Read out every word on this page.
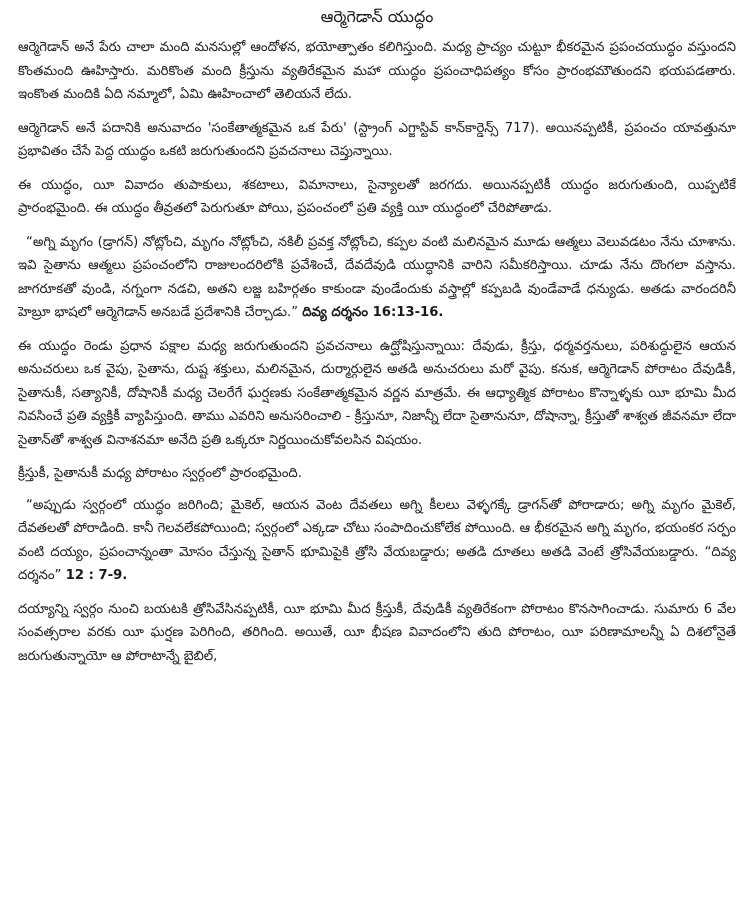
ఆర్మెగెడాన్ యుద్ధం

ఆర్మెగెడాన్ అనే పేరు చాలా మంది మనసుల్లో ఆందోళన, భయోత్పాతం కలిగిస్తుంది. మధ్య ప్రాచ్యం చుట్టూ భీకరమైన ప్రపంచయుద్ధం వస్తుందని కొంతమంది ఊహిస్తారు. మరికొంత మంది క్రీస్తును వ్యతిరేకమైన మహా యుద్ధం ప్రపంచాధిపత్యం కోసం ప్రారంభమౌతుందని భయపడతారు. ఇంకొంత మందికి ఏది నమ్మాలో, ఏమి ఊహించాలో తెలియనే లేదు.

ఆర్మెగెడాన్ అనే పదానికి అనువాదం 'సంకేతాత్మకమైన ఒక పేరు' (స్ట్రాంగ్ ఎగ్జాస్టివ్ కాన్‌కార్డెన్స్ 717). అయినప్పటికీ, ప్రపంచం యావత్తునూ ప్రభావితం చేసే పెద్ద యుద్ధం ఒకటి జరుగుతుందని ప్రవచనాలు చెప్తున్నాయి.

ఈ యుద్ధం, యీ వివాదం తుపాకులు, శకటాలు, విమానాలు, సైన్యాలతో జరగదు. అయినప్పటికీ యుద్ధం జరుగుతుంది, యిప్పటికే ప్రారంభమైంది. ఈ యుద్ధం తీవ్రతలో పెరుగుతూ పోయి, ప్రపంచంలో ప్రతి వ్యక్తి యీ యుద్ధంలో చేరిపోతాడు.

“అగ్ని మృగం (డ్రాగన్) నోట్లోంచి, మృగం నోట్లోంచి, నకిలీ ప్రవక్త నోట్లోంచి, కప్పల వంటి మలినమైన మూడు ఆత్మలు వెలువడటం నేను చూశాను. ఇవి సైతాను ఆత్మలు ప్రపంచంలోని రాజులందరిలోకి ప్రవేశించే, దేవదేవుడి యుద్ధానికి వారిని సమీకరిస్తాయి. చూడు నేను దొంగలా వస్తాను. జాగరూకతో వుండి, నగ్నంగా నడచి, అతని లజ్జ బహిర్గతం కాకుండా వుండేందుకు వస్త్రాల్లో కప్పబడి వుండేవాడే ధన్యుడు. అతడు వారందరినీ హెబ్రూ భాషలో ఆర్మెగెడాన్ అనబడే ప్రదేశానికి చేర్చాడు.” దివ్య దర్శనం 16:13-16.

ఈ యుద్ధం రెండు ప్రధాన పక్షాల మధ్య జరుగుతుందని ప్రవచనాలు ఉద్ఘోషిస్తున్నాయి: దేవుడు, క్రీస్తు, ధర్మవర్తనులు, పరిశుద్ధులైన ఆయన అనుచరులు ఒక వైపు, సైతాను, దుష్ట శక్తులు, మలినమైన, దుర్మార్గులైన అతడి అనుచరులు మరో వైపు. కనుక, ఆర్మెగెడాన్ పోరాటం దేవుడికీ, సైతానుకీ, సత్యానికీ, దోషానికీ మధ్య చెలరేగే ఘర్షణకు సంకేతాత్మకమైన వర్ణన మాత్రమే. ఈ ఆధ్యాత్మిక పోరాటం కొన్నాళ్ళకు యీ భూమి మీద నివసించే ప్రతి వ్యక్తికీ వ్యాపిస్తుంది. తాము ఎవరిని అనుసరించాలి - క్రీస్తునూ, నిజాన్నీ లేదా సైతానునూ, దోషాన్నా, క్రీస్తుతో శాశ్వత జీవనమా లేదా సైతాన్‌తో శాశ్వత వినాశనమా అనేది ప్రతి ఒక్కరూ నిర్ణయించుకోవలసిన విషయం.

క్రీస్తుకీ, సైతానుకీ మధ్య పోరాటం స్వర్గంలో ప్రారంభమైంది.

“అప్పుడు స్వర్గంలో యుద్ధం జరిగింది; మైకెల్, ఆయన వెంట దేవతలు అగ్ని కీలలు వెళ్ళగక్కే డ్రాగన్‌తో పోరాడారు; అగ్ని మృగం మైకెల్, దేవతలతో పోరాడింది. కానీ గెలవలేకపోయింది; స్వర్గంలో ఎక్కడా చోటు సంపాదించుకోలేక పోయింది. ఆ భీకరమైన అగ్ని మృగం, భయంకర సర్పం వంటి దయ్యం, ప్రపంచాన్నంతా మోసం చేస్తున్న సైతాన్ భూమిపైకి త్రోసి వేయబడ్డారు; అతడి దూతలు అతడి వెంటే త్రోసివేయబడ్డారు. “దివ్య దర్శనం” 12 : 7-9.

దయ్యాన్ని స్వర్గం నుంచి బయటకి త్రోసివేసినప్పటికీ, యీ భూమి మీద క్రీస్తుకీ, దేవుడికీ వ్యతిరేకంగా పోరాటం కొనసాగించాడు. సుమారు 6 వేల సంవత్సరాల వరకు యీ ఘర్షణ పెరిగింది, తరిగింది. అయితే, యీ భీషణ వివాదంలోని తుది పోరాటం, యీ పరిణామాలన్నీ ఏ దిశలోనైతే జరుగుతున్నాయో ఆ పోరాటాన్నే బైబిల్,
